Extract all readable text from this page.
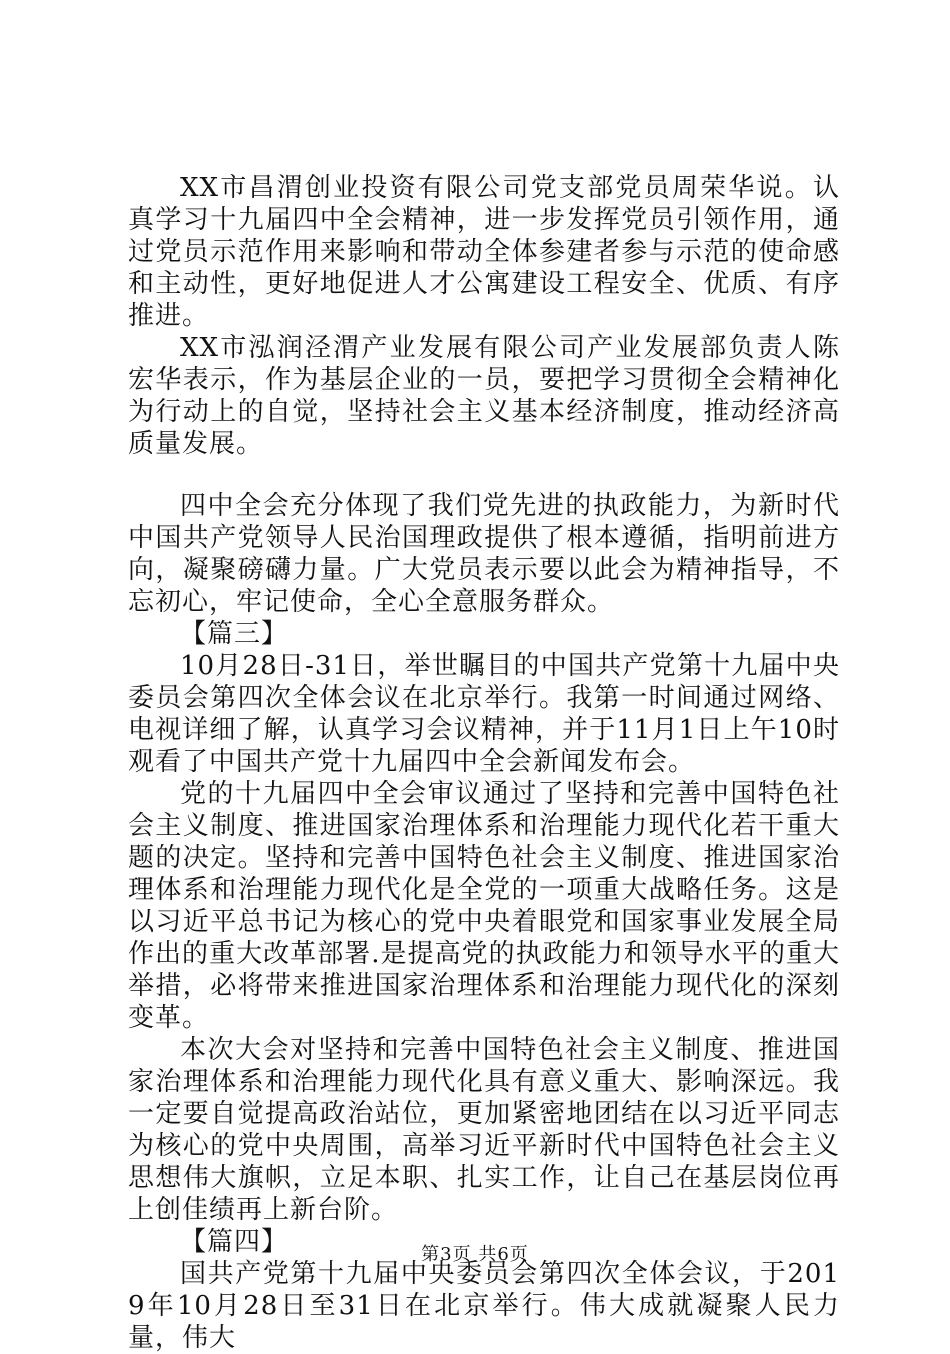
XX市昌渭创业投资有限公司党支部党员周荣华说。认真学习十九届四中全会精神，进一步发挥党员引领作用，通过党员示范作用来影响和带动全体参建者参与示范的使命感和主动性，更好地促进人才公寓建设工程安全、优质、有序推进。

XX市泓润泾渭产业发展有限公司产业发展部负责人陈宏华表示，作为基层企业的一员，要把学习贯彻全会精神化为行动上的自觉，坚持社会主义基本经济制度，推动经济高质量发展。

四中全会充分体现了我们党先进的执政能力，为新时代中国共产党领导人民治国理政提供了根本遵循，指明前进方向，凝聚磅礴力量。广大党员表示要以此会为精神指导，不忘初心，牢记使命，全心全意服务群众。

【篇三】

10月28日-31日，举世瞩目的中国共产党第十九届中央委员会第四次全体会议在北京举行。我第一时间通过网络、电视详细了解，认真学习会议精神，并于11月1日上午10时观看了中国共产党十九届四中全会新闻发布会。

党的十九届四中全会审议通过了坚持和完善中国特色社会主义制度、推进国家治理体系和治理能力现代化若干重大题的决定。坚持和完善中国特色社会主义制度、推进国家治理体系和治理能力现代化是全党的一项重大战略任务。这是以习近平总书记为核心的党中央着眼党和国家事业发展全局作出的重大改革部署.是提高党的执政能力和领导水平的重大举措，必将带来推进国家治理体系和治理能力现代化的深刻变革。

本次大会对坚持和完善中国特色社会主义制度、推进国家治理体系和治理能力现代化具有意义重大、影响深远。我一定要自觉提高政治站位，更加紧密地团结在以习近平同志为核心的党中央周围，高举习近平新时代中国特色社会主义思想伟大旗帜，立足本职、扎实工作，让自己在基层岗位再上创佳绩再上新台阶。

【篇四】

国共产党第十九届中央委员会第四次全体会议，于2019年10月28日至31日在北京举行。伟大成就凝聚人民力量，伟大

第3页 共6页
